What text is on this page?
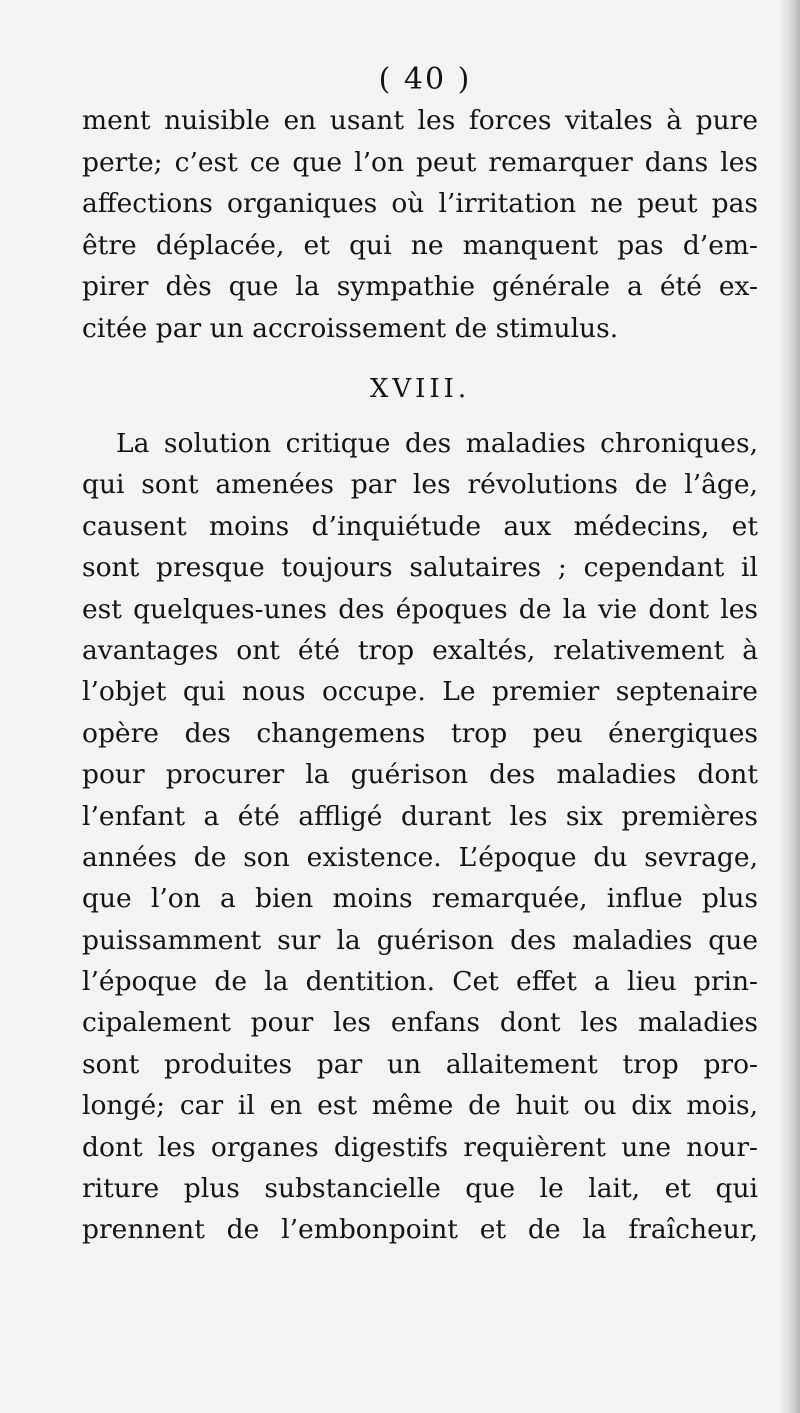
( 40 )
ment nuisible en usant les forces vitales à pure
perte; c’est ce que l’on peut remarquer dans les
affections organiques où l’irritation ne peut pas
être déplacée, et qui ne manquent pas d’em-
pirer dès que la sympathie générale a été ex-
citée par un accroissement de stimulus.
XVIII.
La solution critique des maladies chroniques,
qui sont amenées par les révolutions de l’âge,
causent moins d’inquiétude aux médecins, et
sont presque toujours salutaires ; cependant il
est quelques-unes des époques de la vie dont les
avantages ont été trop exaltés, relativement à
l’objet qui nous occupe. Le premier septenaire
opère des changemens trop peu énergiques
pour procurer la guérison des maladies dont
l’enfant a été affligé durant les six premières
années de son existence. L’époque du sevrage,
que l’on a bien moins remarquée, influe plus
puissamment sur la guérison des maladies que
l’époque de la dentition. Cet effet a lieu prin-
cipalement pour les enfans dont les maladies
sont produites par un allaitement trop pro-
longé; car il en est même de huit ou dix mois,
dont les organes digestifs requièrent une nour-
riture plus substancielle que le lait, et qui
prennent de l’embonpoint et de la fraîcheur,
